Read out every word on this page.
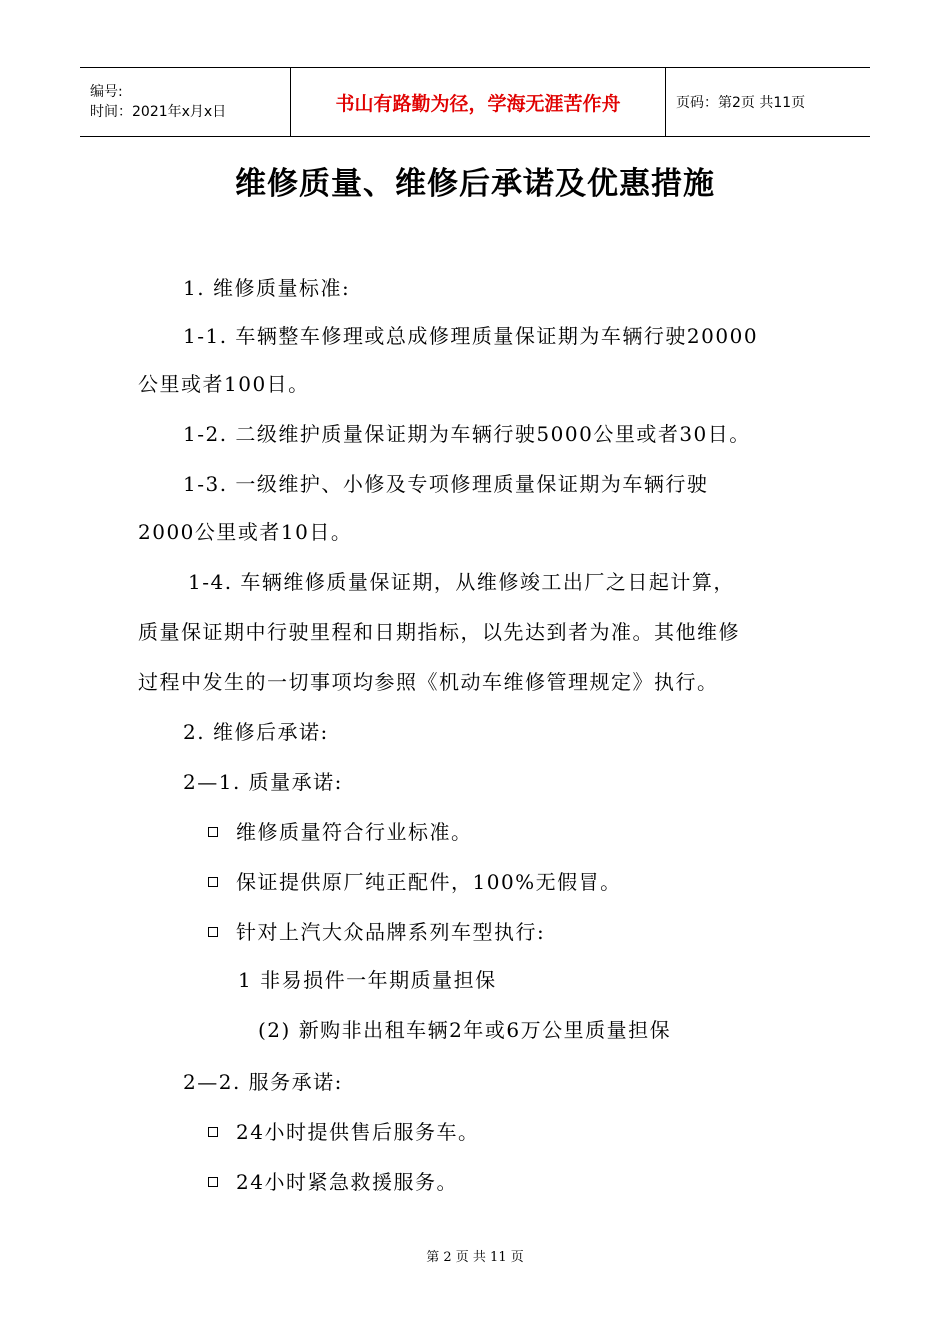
编号:
时间：2021年x月x日	书山有路勤为径，学海无涯苦作舟	页码：第2页 共11页
维修质量、维修后承诺及优惠措施
1. 维修质量标准:
1-1. 车辆整车修理或总成修理质量保证期为车辆行驶20000
公里或者100日。
1-2. 二级维护质量保证期为车辆行驶5000公里或者30日。
1-3. 一级维护、小修及专项修理质量保证期为车辆行驶
2000公里或者10日。
1-4. 车辆维修质量保证期，从维修竣工出厂之日起计算，
质量保证期中行驶里程和日期指标，以先达到者为准。其他维修
过程中发生的一切事项均参照《机动车维修管理规定》执行。
2. 维修后承诺:
2—1. 质量承诺:
维修质量符合行业标准。
保证提供原厂纯正配件，100%无假冒。
针对上汽大众品牌系列车型执行:
1 非易损件一年期质量担保
(2) 新购非出租车辆2年或6万公里质量担保
2—2. 服务承诺:
24小时提供售后服务车。
24小时紧急救援服务。
第 2 页 共 11 页
